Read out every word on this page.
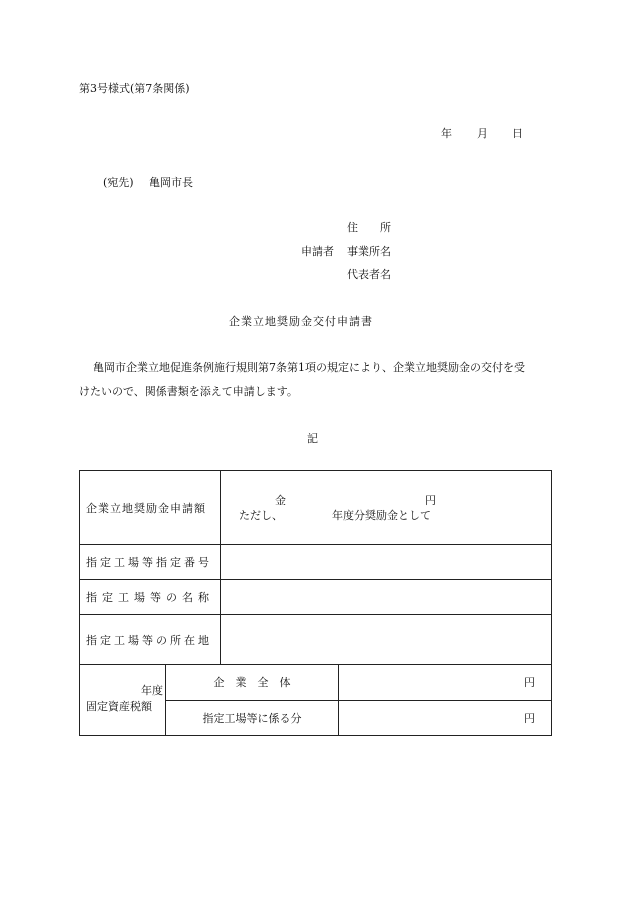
第3号様式(第7条関係)
年 月 日
(宛先) 亀岡市長
住　　所
申請者 事業所名
代表者名
企業立地奨励金交付申請書
亀岡市企業立地促進条例施行規則第7条第1項の規定により、企業立地奨励金の交付を受
けたいので、関係書類を添えて申請します。
記
企業立地奨励金申請額		金 円
ただし、 年度分奨励金として	

指定工場等指定番号			
指定工場等の名称			
指定工場等の所在地			

年度
固定資産税額	企　業　全　体		円
	指定工場等に係る分		円
